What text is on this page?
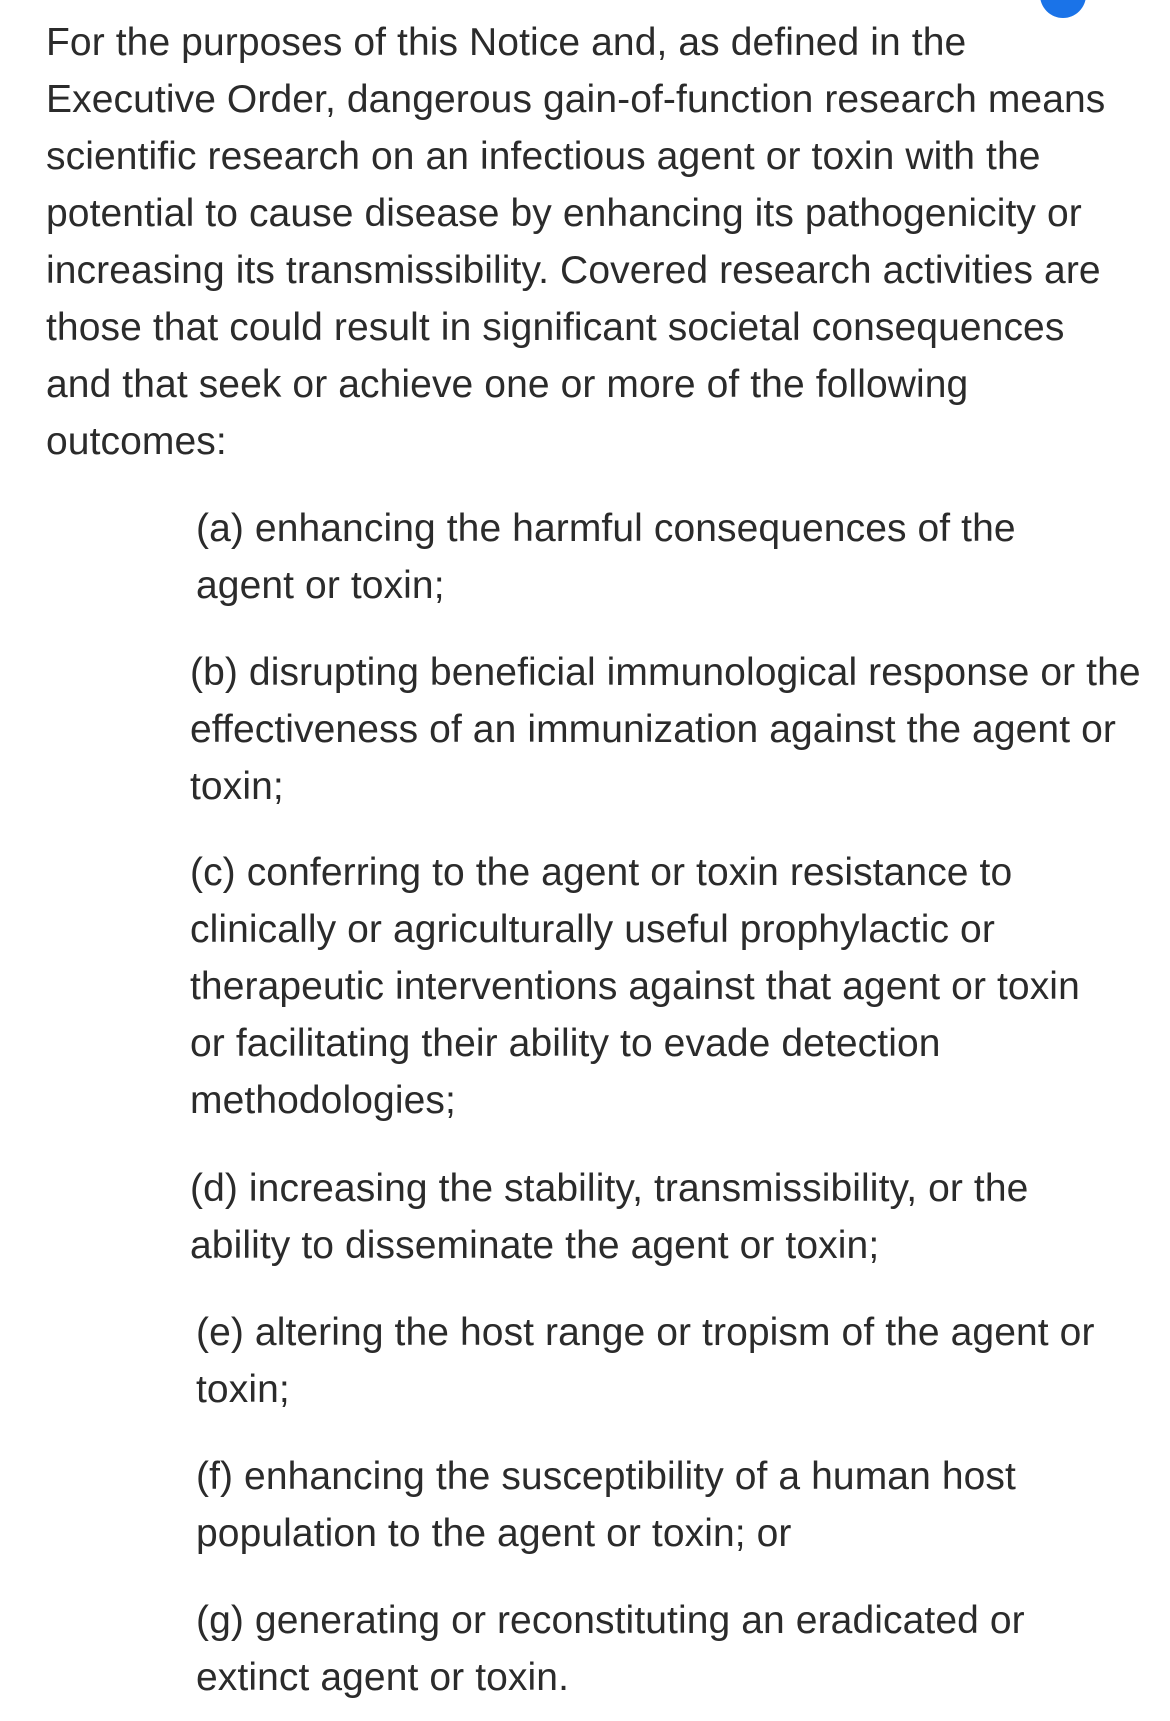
For the purposes of this Notice and, as defined in the Executive Order, dangerous gain-of-function research means scientific research on an infectious agent or toxin with the potential to cause disease by enhancing its pathogenicity or increasing its transmissibility. Covered research activities are those that could result in significant societal consequences and that seek or achieve one or more of the following outcomes:

(a) enhancing the harmful consequences of the agent or toxin;

(b) disrupting beneficial immunological response or the effectiveness of an immunization against the agent or toxin;

(c) conferring to the agent or toxin resistance to clinically or agriculturally useful prophylactic or therapeutic interventions against that agent or toxin or facilitating their ability to evade detection methodologies;

(d) increasing the stability, transmissibility, or the ability to disseminate the agent or toxin;

(e) altering the host range or tropism of the agent or toxin;

(f) enhancing the susceptibility of a human host population to the agent or toxin; or

(g) generating or reconstituting an eradicated or extinct agent or toxin.
